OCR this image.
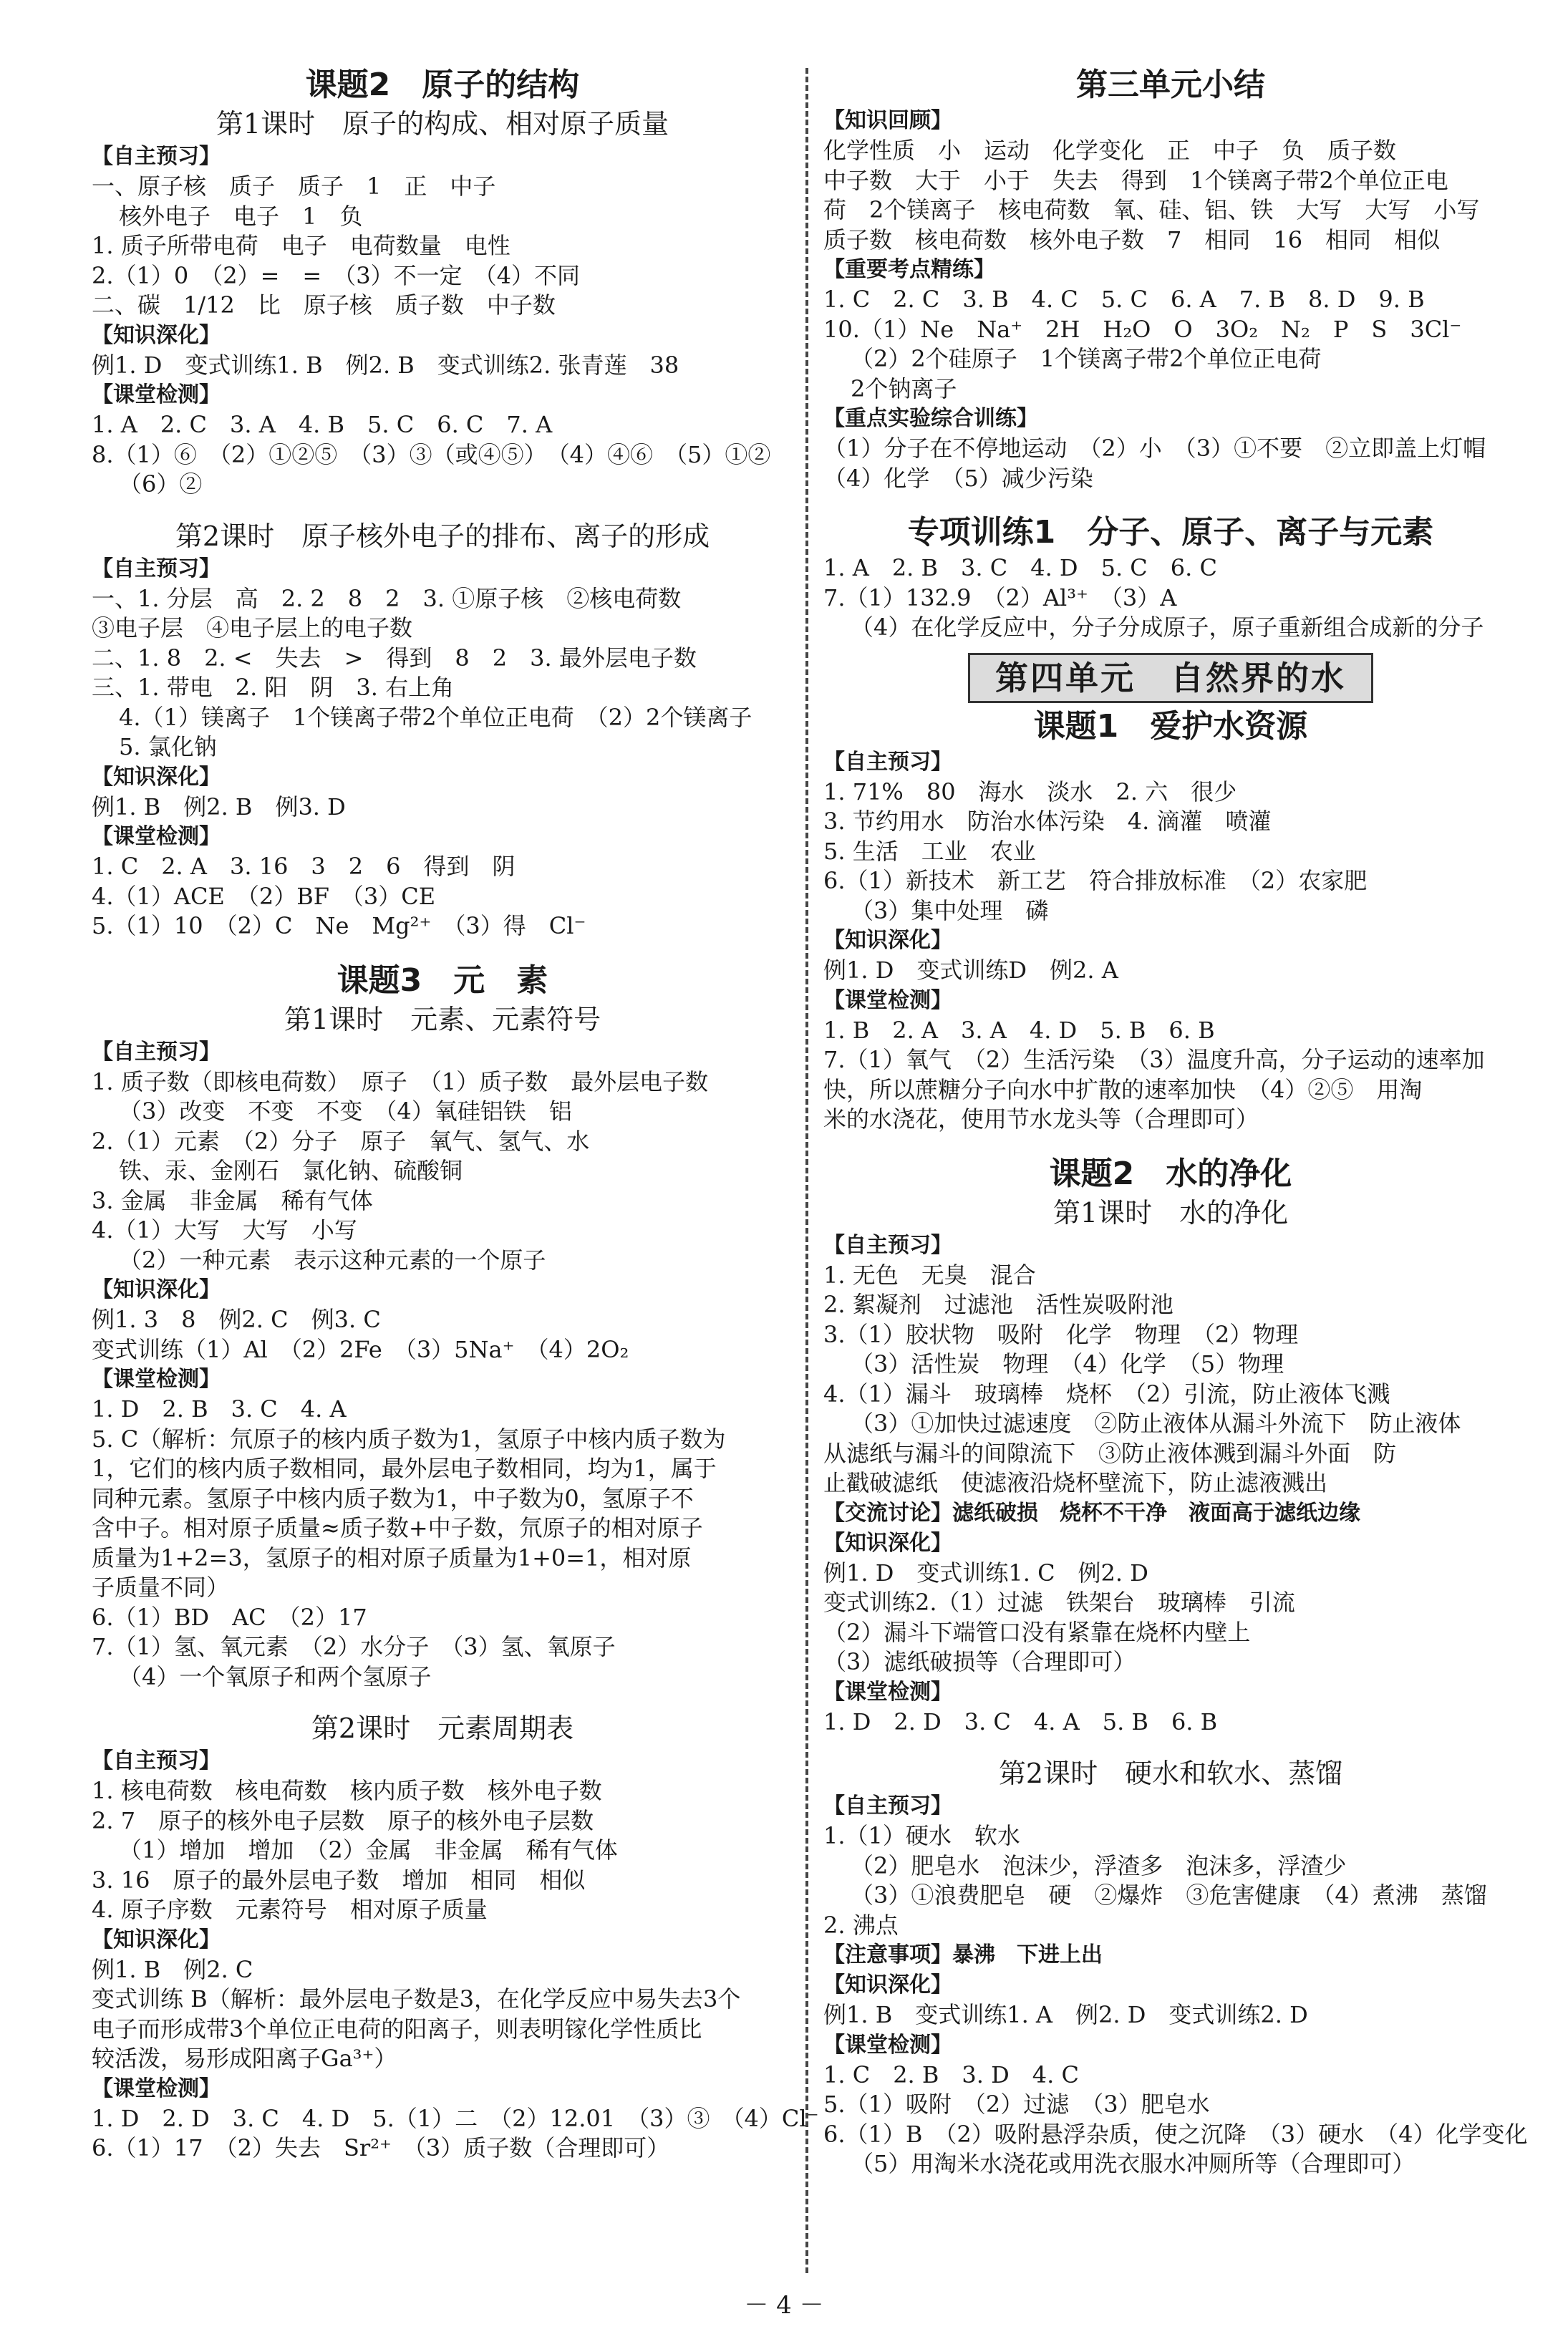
课题2　原子的结构
第1课时　原子的构成、相对原子质量
【自主预习】
一、原子核　质子　质子　1　正　中子
核外电子　电子　1　负
1. 质子所带电荷　电子　电荷数量　电性
2.（1）0　（2）=　=　（3）不一定　（4）不同
二、碳　1/12　比　原子核　质子数　中子数
【知识深化】
例1. D　变式训练1. B　例2. B　变式训练2. 张青莲　38
【课堂检测】
1. A　2. C　3. A　4. B　5. C　6. C　7. A
8.（1）⑥　（2）①②⑤　（3）③（或④⑤）　（4）④⑥　（5）①②
（6）②
第2课时　原子核外电子的排布、离子的形成
【自主预习】
一、1. 分层　高　2. 2　8　2　3. ①原子核　②核电荷数
③电子层　④电子层上的电子数
二、1. 8　2. <　失去　>　得到　8　2　3. 最外层电子数
三、1. 带电　2. 阳　阴　3. 右上角
4.（1）镁离子　1个镁离子带2个单位正电荷　（2）2个镁离子
5. 氯化钠
【知识深化】
例1. B　例2. B　例3. D
【课堂检测】
1. C　2. A　3. 16　3　2　6　得到　阴
4.（1）ACE　（2）BF　（3）CE
5.（1）10　（2）C　Ne　Mg²⁺　（3）得　Cl⁻
课题3　元　素
第1课时　元素、元素符号
【自主预习】
1. 质子数（即核电荷数）　原子　（1）质子数　最外层电子数
（3）改变　不变　不变　（4）氧硅铝铁　铝
2.（1）元素　（2）分子　原子　氧气、氢气、水
铁、汞、金刚石　氯化钠、硫酸铜
3. 金属　非金属　稀有气体
4.（1）大写　大写　小写
（2）一种元素　表示这种元素的一个原子
【知识深化】
例1. 3　8　例2. C　例3. C
变式训练（1）Al　（2）2Fe　（3）5Na⁺　（4）2O₂
【课堂检测】
1. D　2. B　3. C　4. A
5. C（解析：氘原子的核内质子数为1，氢原子中核内质子数为
1，它们的核内质子数相同，最外层电子数相同，均为1，属于
同种元素。氢原子中核内质子数为1，中子数为0，氢原子不
含中子。相对原子质量≈质子数+中子数，氘原子的相对原子
质量为1+2=3，氢原子的相对原子质量为1+0=1，相对原
子质量不同）
6.（1）BD　AC　（2）17
7.（1）氢、氧元素　（2）水分子　（3）氢、氧原子
（4）一个氧原子和两个氢原子
第2课时　元素周期表
【自主预习】
1. 核电荷数　核电荷数　核内质子数　核外电子数
2. 7　原子的核外电子层数　原子的核外电子层数
（1）增加　增加　（2）金属　非金属　稀有气体
3. 16　原子的最外层电子数　增加　相同　相似
4. 原子序数　元素符号　相对原子质量
【知识深化】
例1. B　例2. C
变式训练 B（解析：最外层电子数是3，在化学反应中易失去3个
电子而形成带3个单位正电荷的阳离子，则表明镓化学性质比
较活泼，易形成阳离子Ga³⁺）
【课堂检测】
1. D　2. D　3. C　4. D　5.（1）二　（2）12.01　（3）③　（4）Cl⁻
6.（1）17　（2）失去　Sr²⁺　（3）质子数（合理即可）
第三单元小结
【知识回顾】
化学性质　小　运动　化学变化　正　中子　负　质子数
中子数　大于　小于　失去　得到　1个镁离子带2个单位正电
荷　2个镁离子　核电荷数　氧、硅、铝、铁　大写　大写　小写
质子数　核电荷数　核外电子数　7　相同　16　相同　相似
【重要考点精练】
1. C　2. C　3. B　4. C　5. C　6. A　7. B　8. D　9. B
10.（1）Ne　Na⁺　2H　H₂O　O　3O₂　N₂　P　S　3Cl⁻
（2）2个硅原子　1个镁离子带2个单位正电荷
2个钠离子
【重点实验综合训练】
（1）分子在不停地运动　（2）小　（3）①不要　②立即盖上灯帽
（4）化学　（5）减少污染
专项训练1　分子、原子、离子与元素
1. A　2. B　3. C　4. D　5. C　6. C
7.（1）132.9　（2）Al³⁺　（3）A
（4）在化学反应中，分子分成原子，原子重新组合成新的分子
第四单元　自然界的水
课题1　爱护水资源
【自主预习】
1. 71%　80　海水　淡水　2. 六　很少
3. 节约用水　防治水体污染　4. 滴灌　喷灌
5. 生活　工业　农业
6.（1）新技术　新工艺　符合排放标准　（2）农家肥
（3）集中处理　磷
【知识深化】
例1. D　变式训练D　例2. A
【课堂检测】
1. B　2. A　3. A　4. D　5. B　6. B
7.（1）氧气　（2）生活污染　（3）温度升高，分子运动的速率加
快，所以蔗糖分子向水中扩散的速率加快　（4）②⑤　用淘
米的水浇花，使用节水龙头等（合理即可）
课题2　水的净化
第1课时　水的净化
【自主预习】
1. 无色　无臭　混合
2. 絮凝剂　过滤池　活性炭吸附池
3.（1）胶状物　吸附　化学　物理　（2）物理
（3）活性炭　物理　（4）化学　（5）物理
4.（1）漏斗　玻璃棒　烧杯　（2）引流，防止液体飞溅
（3）①加快过滤速度　②防止液体从漏斗外流下　防止液体
从滤纸与漏斗的间隙流下　③防止液体溅到漏斗外面　防
止戳破滤纸　使滤液沿烧杯壁流下，防止滤液溅出
【交流讨论】滤纸破损　烧杯不干净　液面高于滤纸边缘
【知识深化】
例1. D　变式训练1. C　例2. D
变式训练2.（1）过滤　铁架台　玻璃棒　引流
（2）漏斗下端管口没有紧靠在烧杯内壁上
（3）滤纸破损等（合理即可）
【课堂检测】
1. D　2. D　3. C　4. A　5. B　6. B
第2课时　硬水和软水、蒸馏
【自主预习】
1.（1）硬水　软水
（2）肥皂水　泡沫少，浮渣多　泡沫多，浮渣少
（3）①浪费肥皂　硬　②爆炸　③危害健康　（4）煮沸　蒸馏
2. 沸点
【注意事项】暴沸　下进上出
【知识深化】
例1. B　变式训练1. A　例2. D　变式训练2. D
【课堂检测】
1. C　2. B　3. D　4. C
5.（1）吸附　（2）过滤　（3）肥皂水
6.（1）B　（2）吸附悬浮杂质，使之沉降　（3）硬水　（4）化学变化
（5）用淘米水浇花或用洗衣服水冲厕所等（合理即可）
－ 4 －
